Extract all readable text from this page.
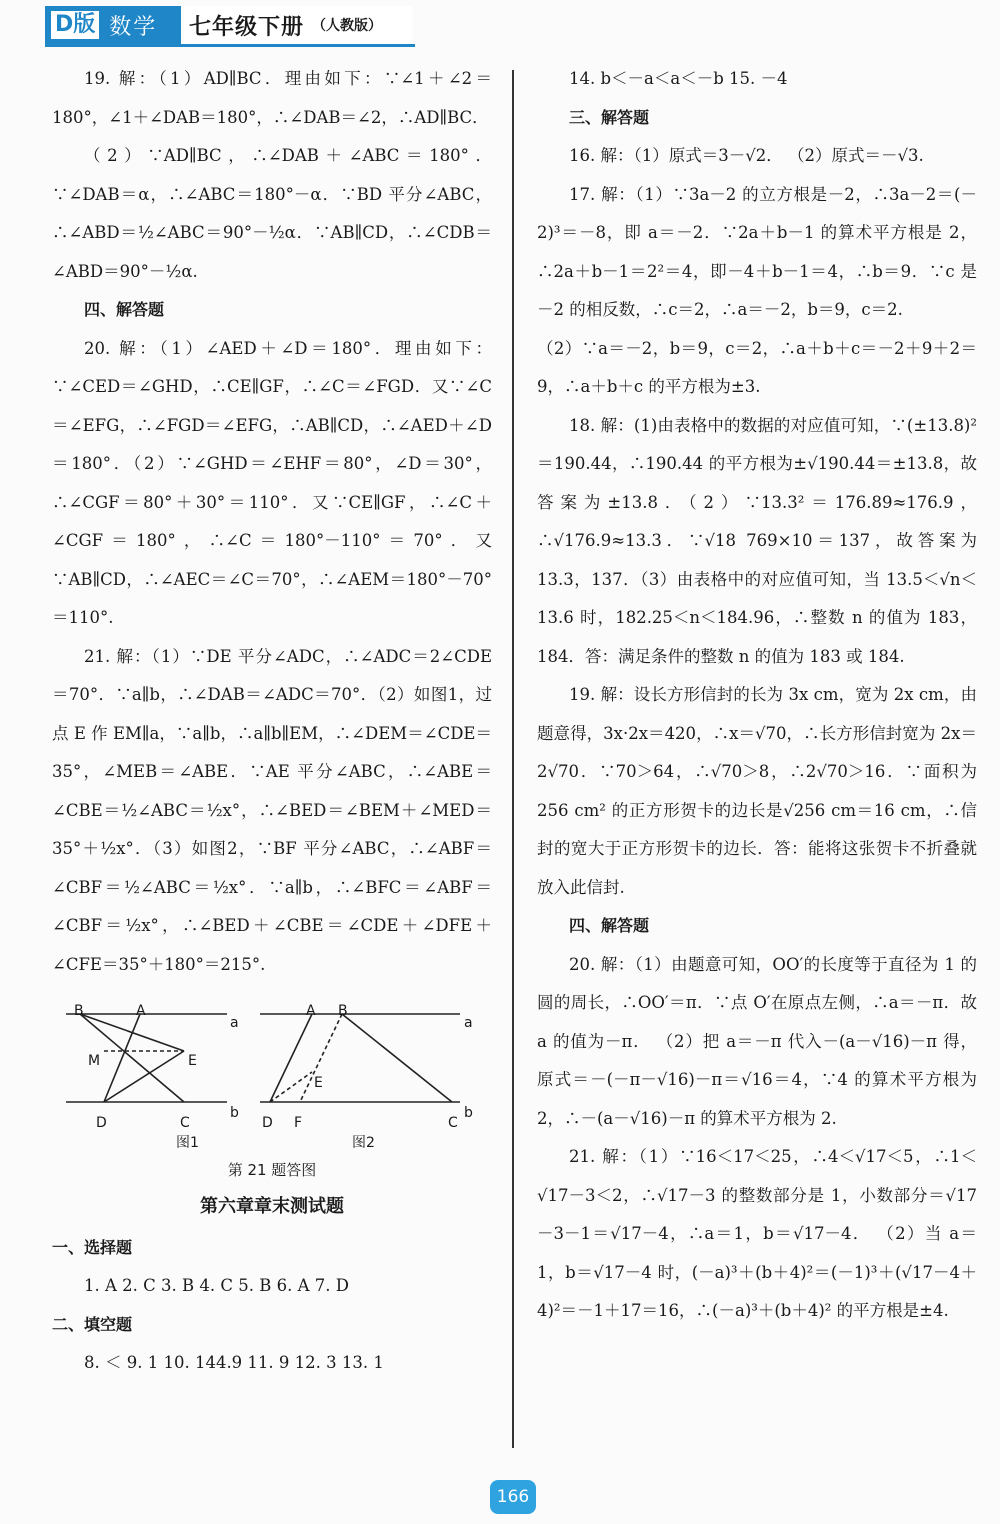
D版 数学 七年级下册 （人教版）

19. 解：（1）AD∥BC．理由如下：∵∠1＋∠2＝180°，∠1＋∠DAB＝180°，∴∠DAB＝∠2，∴AD∥BC．

（2）∵AD∥BC，∴∠DAB＋∠ABC＝180°．∵∠DAB＝α，∴∠ABC＝180°－α．∵BD 平分∠ABC，∴∠ABD＝½∠ABC＝90°－½α．∵AB∥CD，∴∠CDB＝∠ABD＝90°－½α.

四、解答题

20. 解：（1）∠AED＋∠D＝180°．理由如下：∵∠CED＝∠GHD，∴CE∥GF，∴∠C＝∠FGD．又∵∠C＝∠EFG，∴∠FGD＝∠EFG，∴AB∥CD，∴∠AED＋∠D＝180°．（2）∵∠GHD＝∠EHF＝80°，∠D＝30°，∴∠CGF＝80°＋30°＝110°．又∵CE∥GF，∴∠C＋∠CGF＝180°，∴∠C＝180°－110°＝70°．又∵AB∥CD，∴∠AEC＝∠C＝70°，∴∠AEM＝180°－70°＝110°.

21. 解：（1）∵DE 平分∠ADC，∴∠ADC＝2∠CDE＝70°．∵a∥b，∴∠DAB＝∠ADC＝70°．（2）如图1，过点 E 作 EM∥a，∵a∥b，∴a∥b∥EM，∴∠DEM＝∠CDE＝35°，∠MEB＝∠ABE．∵AE 平分∠ABC，∴∠ABE＝∠CBE＝½∠ABC＝½x°，∴∠BED＝∠BEM＋∠MED＝35°＋½x°．（3）如图2，∵BF 平分∠ABC，∴∠ABF＝∠CBF＝½∠ABC＝½x°．∵a∥b，∴∠BFC＝∠ABF＝∠CBF＝½x°，∴∠BED＋∠CBE＝∠CDE＋∠DFE＋∠CFE＝35°＋180°＝215°.

B	A
a
M	E
D	C
b
A B
a
E
D F	C
b
图1	图2

第 21 题答图

第六章章末测试题

一、选择题

1. A 2. C 3. B 4. C 5. B 6. A 7. D

二、填空题

8. ＜ 9. 1 10. 144.9 11. 9 12. 3 13. 1

14. b＜－a＜a＜－b 15. －4

三、解答题

16. 解：（1）原式＝3－√2． （2）原式＝－√3.

17. 解：（1）∵3a－2 的立方根是－2，∴3a－2＝(－2)³＝－8，即 a＝－2．∵2a＋b－1 的算术平方根是 2，∴2a＋b－1＝2²＝4，即－4＋b－1＝4，∴b＝9．∵c 是－2 的相反数，∴c＝2，∴a＝－2，b＝9，c＝2.

（2）∵a＝－2，b＝9，c＝2，∴a＋b＋c＝－2＋9＋2＝9，∴a＋b＋c 的平方根为±3.

18. 解：(1)由表格中的数据的对应值可知，∵(±13.8)²＝190.44，∴190.44 的平方根为±√190.44＝±13.8，故答案为±13.8．（2）∵13.3²＝176.89≈176.9，∴√176.9≈13.3．∵√18 769×10＝137，故答案为 13.3，137．（3）由表格中的对应值可知，当 13.5＜√n＜13.6 时，182.25＜n＜184.96，∴整数 n 的值为 183，184．答：满足条件的整数 n 的值为 183 或 184.

19. 解：设长方形信封的长为 3x cm，宽为 2x cm，由题意得，3x·2x＝420，∴x＝√70，∴长方形信封宽为 2x＝2√70．∵70＞64，∴√70＞8，∴2√70＞16．∵面积为 256 cm² 的正方形贺卡的边长是√256 cm＝16 cm，∴信封的宽大于正方形贺卡的边长．答：能将这张贺卡不折叠就放入此信封.

四、解答题

20. 解：（1）由题意可知，OO′的长度等于直径为 1 的圆的周长，∴OO′＝π．∵点 O′在原点左侧，∴a＝－π．故 a 的值为－π． （2）把 a＝－π 代入－(a－√16)－π 得，原式＝－(－π－√16)－π＝√16＝4，∵4 的算术平方根为 2，∴－(a－√16)－π 的算术平方根为 2.

21. 解：（1）∵16＜17＜25，∴4＜√17＜5，∴1＜√17－3＜2，∴√17－3 的整数部分是 1，小数部分＝√17－3－1＝√17－4，∴a＝1，b＝√17－4． （2）当 a＝1，b＝√17－4 时，(－a)³＋(b＋4)²＝(－1)³＋(√17－4＋4)²＝－1＋17＝16，∴(－a)³＋(b＋4)² 的平方根是±4.

166
